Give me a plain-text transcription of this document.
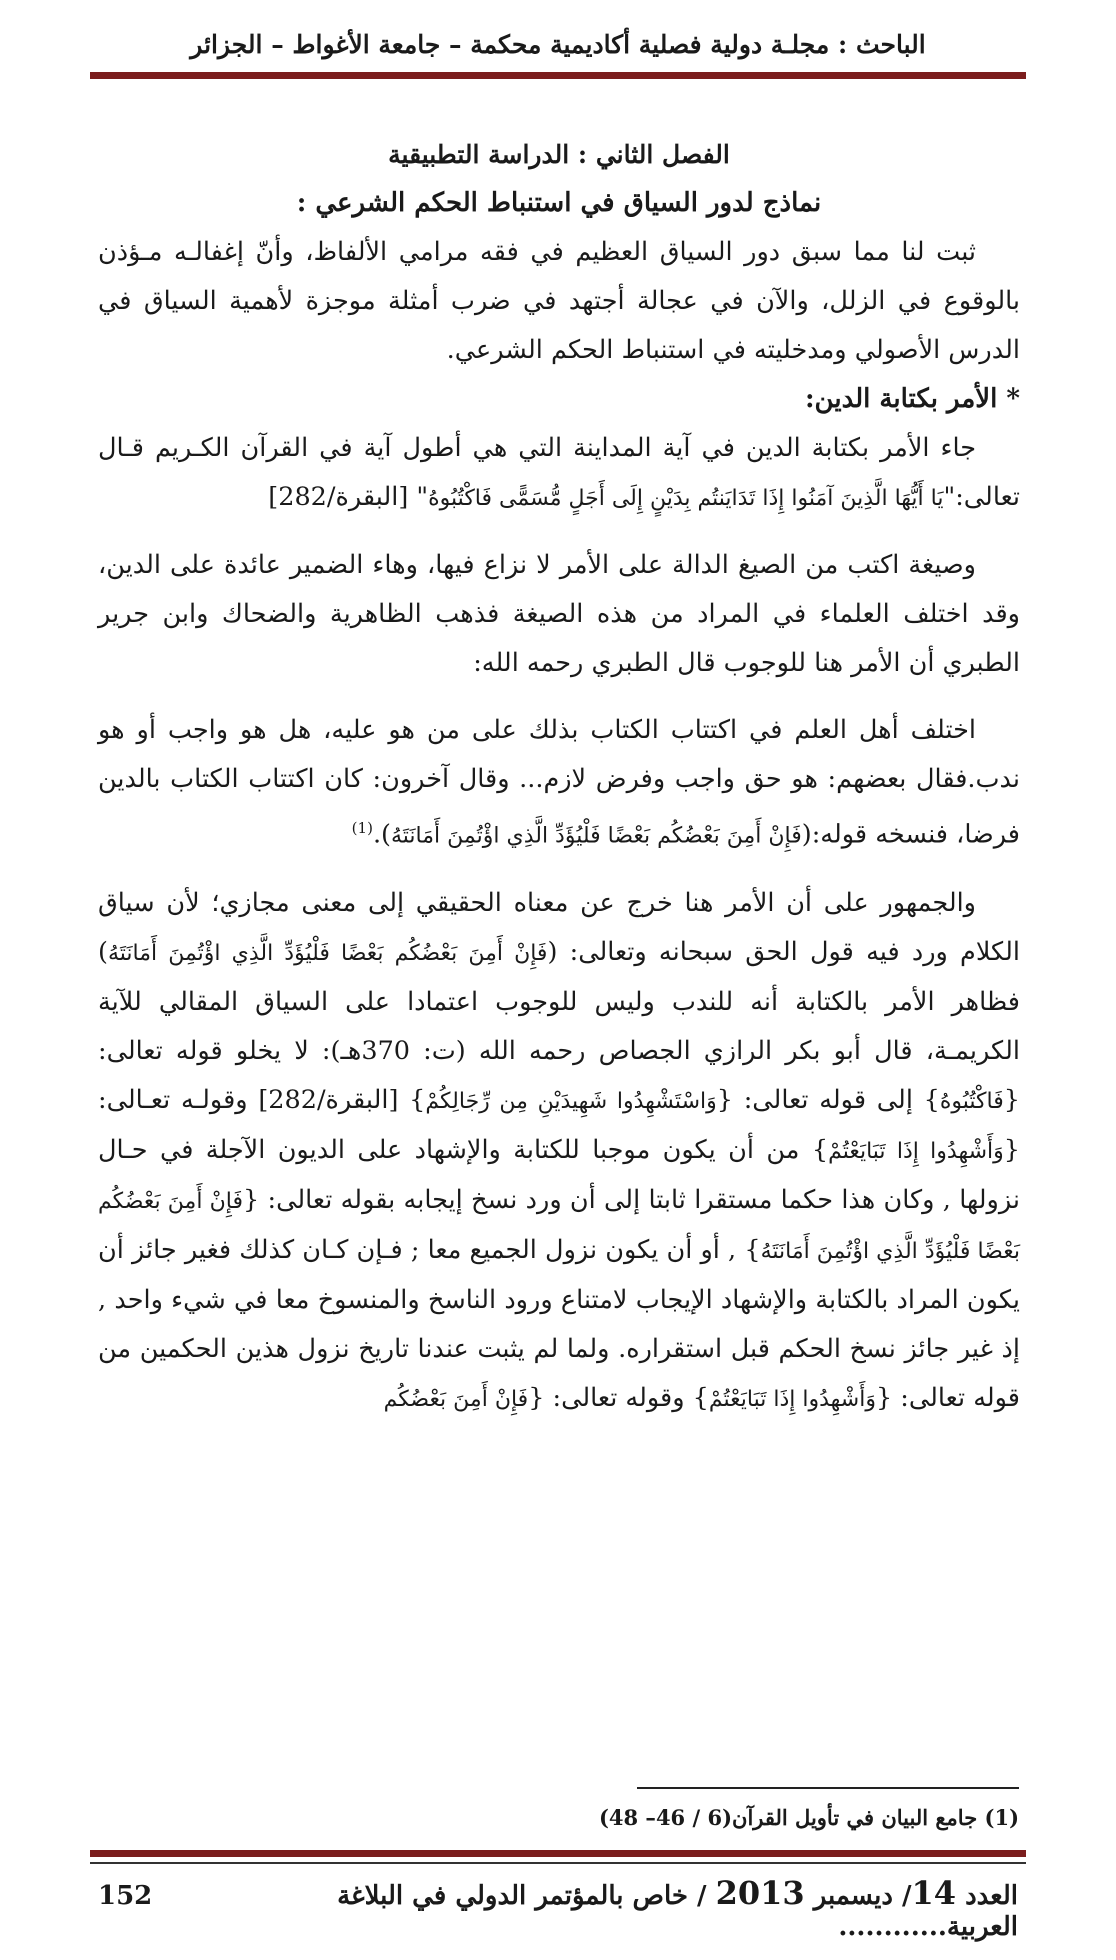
الباحث : مجلـة دولية فصلية أكاديمية محكمة – جامعة الأغواط – الجزائر

الفصل الثاني : الدراسة التطبيقية

نماذج لدور السياق في استنباط الحكم الشرعي :

ثبت لنا مما سبق دور السياق العظيم في فقه مرامي الألفاظ، وأنّ إغفالـه مـؤذن بالوقوع في الزلل، والآن في عجالة أجتهد في ضرب أمثلة موجزة لأهمية السياق في الدرس الأصولي ومدخليته في استنباط الحكم الشرعي.

* الأمر بكتابة الدين:

جاء الأمر بكتابة الدين في آية المداينة التي هي أطول آية في القرآن الكـريم قـال تعالى:"يَا أَيُّهَا الَّذِينَ آمَنُوا إِذَا تَدَايَنتُم بِدَيْنٍ إِلَى أَجَلٍ مُّسَمًّى فَاكْتُبُوهُ" [البقرة/282]

وصيغة اكتب من الصيغ الدالة على الأمر لا نزاع فيها، وهاء الضمير عائدة على الدين، وقد اختلف العلماء في المراد من هذه الصيغة فذهب الظاهرية والضحاك وابن جرير الطبري أن الأمر هنا للوجوب قال الطبري رحمه الله:

اختلف أهل العلم في اكتتاب الكتاب بذلك على من هو عليه، هل هو واجب أو هو ندب.فقال بعضهم: هو حق واجب وفرض لازم... وقال آخرون: كان اكتتاب الكتاب بالدين فرضا، فنسخه قوله:(فَإِنْ أَمِنَ بَعْضُكُم بَعْضًا فَلْيُؤَدِّ الَّذِي اؤْتُمِنَ أَمَانَتَهُ).$^{(1)}$

والجمهور على أن الأمر هنا خرج عن معناه الحقيقي إلى معنى مجازي؛ لأن سياق الكلام ورد فيه قول الحق سبحانه وتعالى: (فَإِنْ أَمِنَ بَعْضُكُم بَعْضًا فَلْيُؤَدِّ الَّذِي اؤْتُمِنَ أَمَانَتَهُ) فظاهر الأمر بالكتابة أنه للندب وليس للوجوب اعتمادا على السياق المقالي للآية الكريمـة، قال أبو بكر الرازي الجصاص رحمه الله (ت: 370هـ): لا يخلو قوله تعالى: {فَاكْتُبُوهُ} إلى قوله تعالى: {وَاسْتَشْهِدُوا شَهِيدَيْنِ مِن رِّجَالِكُمْ} [البقرة/282] وقولـه تعـالى: {وَأَشْهِدُوا إِذَا تَبَايَعْتُمْ} من أن يكون موجبا للكتابة والإشهاد على الديون الآجلة في حـال نزولها , وكان هذا حكما مستقرا ثابتا إلى أن ورد نسخ إيجابه بقوله تعالى: {فَإِنْ أَمِنَ بَعْضُكُم بَعْضًا فَلْيُؤَدِّ الَّذِي اؤْتُمِنَ أَمَانَتَهُ} , أو أن يكون نزول الجميع معا ; فـإن كـان كذلك فغير جائز أن يكون المراد بالكتابة والإشهاد الإيجاب لامتناع ورود الناسخ والمنسوخ معا في شيء واحد , إذ غير جائز نسخ الحكم قبل استقراره. ولما لم يثبت عندنا تاريخ نزول هذين الحكمين من قوله تعالى: {وَأَشْهِدُوا إِذَا تَبَايَعْتُمْ} وقوله تعالى: {فَإِنْ أَمِنَ بَعْضُكُم

(1) جامع البيان في تأويل القرآن(6 / 46– 48)
العدد 14/ ديسمبر 2013 / خاص بالمؤتمر الدولي في البلاغة العربية............
152
